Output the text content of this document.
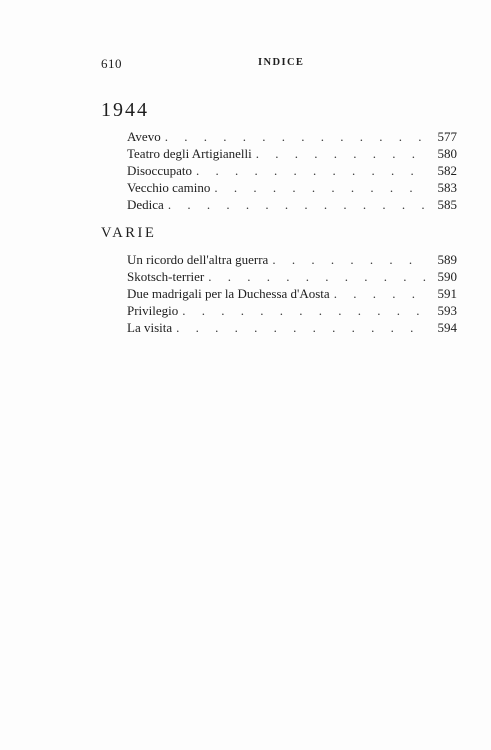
610	INDICE
1944
Avevo .	577
Teatro degli Artigianelli .	580
Disoccupato .	582
Vecchio camino .	583
Dedica .	585
VARIE
Un ricordo dell'altra guerra .	589
Skotsch-terrier .	590
Due madrigali per la Duchessa d'Aosta .	591
Privilegio .	593
La visita .	594
